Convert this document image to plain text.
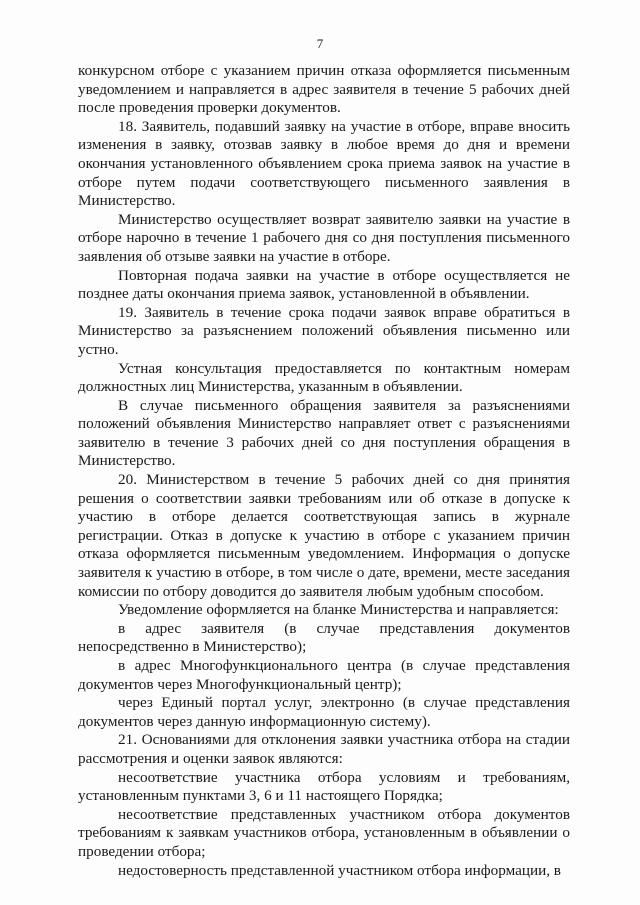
7

конкурсном отборе с указанием причин отказа оформляется письменным уведомлением и направляется в адрес заявителя в течение 5 рабочих дней после проведения проверки документов.

18. Заявитель, подавший заявку на участие в отборе, вправе вносить изменения в заявку, отозвав заявку в любое время до дня и времени окончания установленного объявлением срока приема заявок на участие в отборе путем подачи соответствующего письменного заявления в Министерство.

Министерство осуществляет возврат заявителю заявки на участие в отборе нарочно в течение 1 рабочего дня со дня поступления письменного заявления об отзыве заявки на участие в отборе.

Повторная подача заявки на участие в отборе осуществляется не позднее даты окончания приема заявок, установленной в объявлении.

19. Заявитель в течение срока подачи заявок вправе обратиться в Министерство за разъяснением положений объявления письменно или устно.

Устная консультация предоставляется по контактным номерам должностных лиц Министерства, указанным в объявлении.

В случае письменного обращения заявителя за разъяснениями положений объявления Министерство направляет ответ с разъяснениями заявителю в течение 3 рабочих дней со дня поступления обращения в Министерство.

20. Министерством в течение 5 рабочих дней со дня принятия решения о соответствии заявки требованиям или об отказе в допуске к участию в отборе делается соответствующая запись в журнале регистрации. Отказ в допуске к участию в отборе с указанием причин отказа оформляется письменным уведомлением. Информация о допуске заявителя к участию в отборе, в том числе о дате, времени, месте заседания комиссии по отбору доводится до заявителя любым удобным способом.

Уведомление оформляется на бланке Министерства и направляется:

в адрес заявителя (в случае представления документов непосредственно в Министерство);

в адрес Многофункционального центра (в случае представления документов через Многофункциональный центр);

через Единый портал услуг, электронно (в случае представления документов через данную информационную систему).

21. Основаниями для отклонения заявки участника отбора на стадии рассмотрения и оценки заявок являются:

несоответствие участника отбора условиям и требованиям, установленным пунктами 3, 6 и 11 настоящего Порядка;

несоответствие представленных участником отбора документов требованиям к заявкам участников отбора, установленным в объявлении о проведении отбора;

недостоверность представленной участником отбора информации, в
